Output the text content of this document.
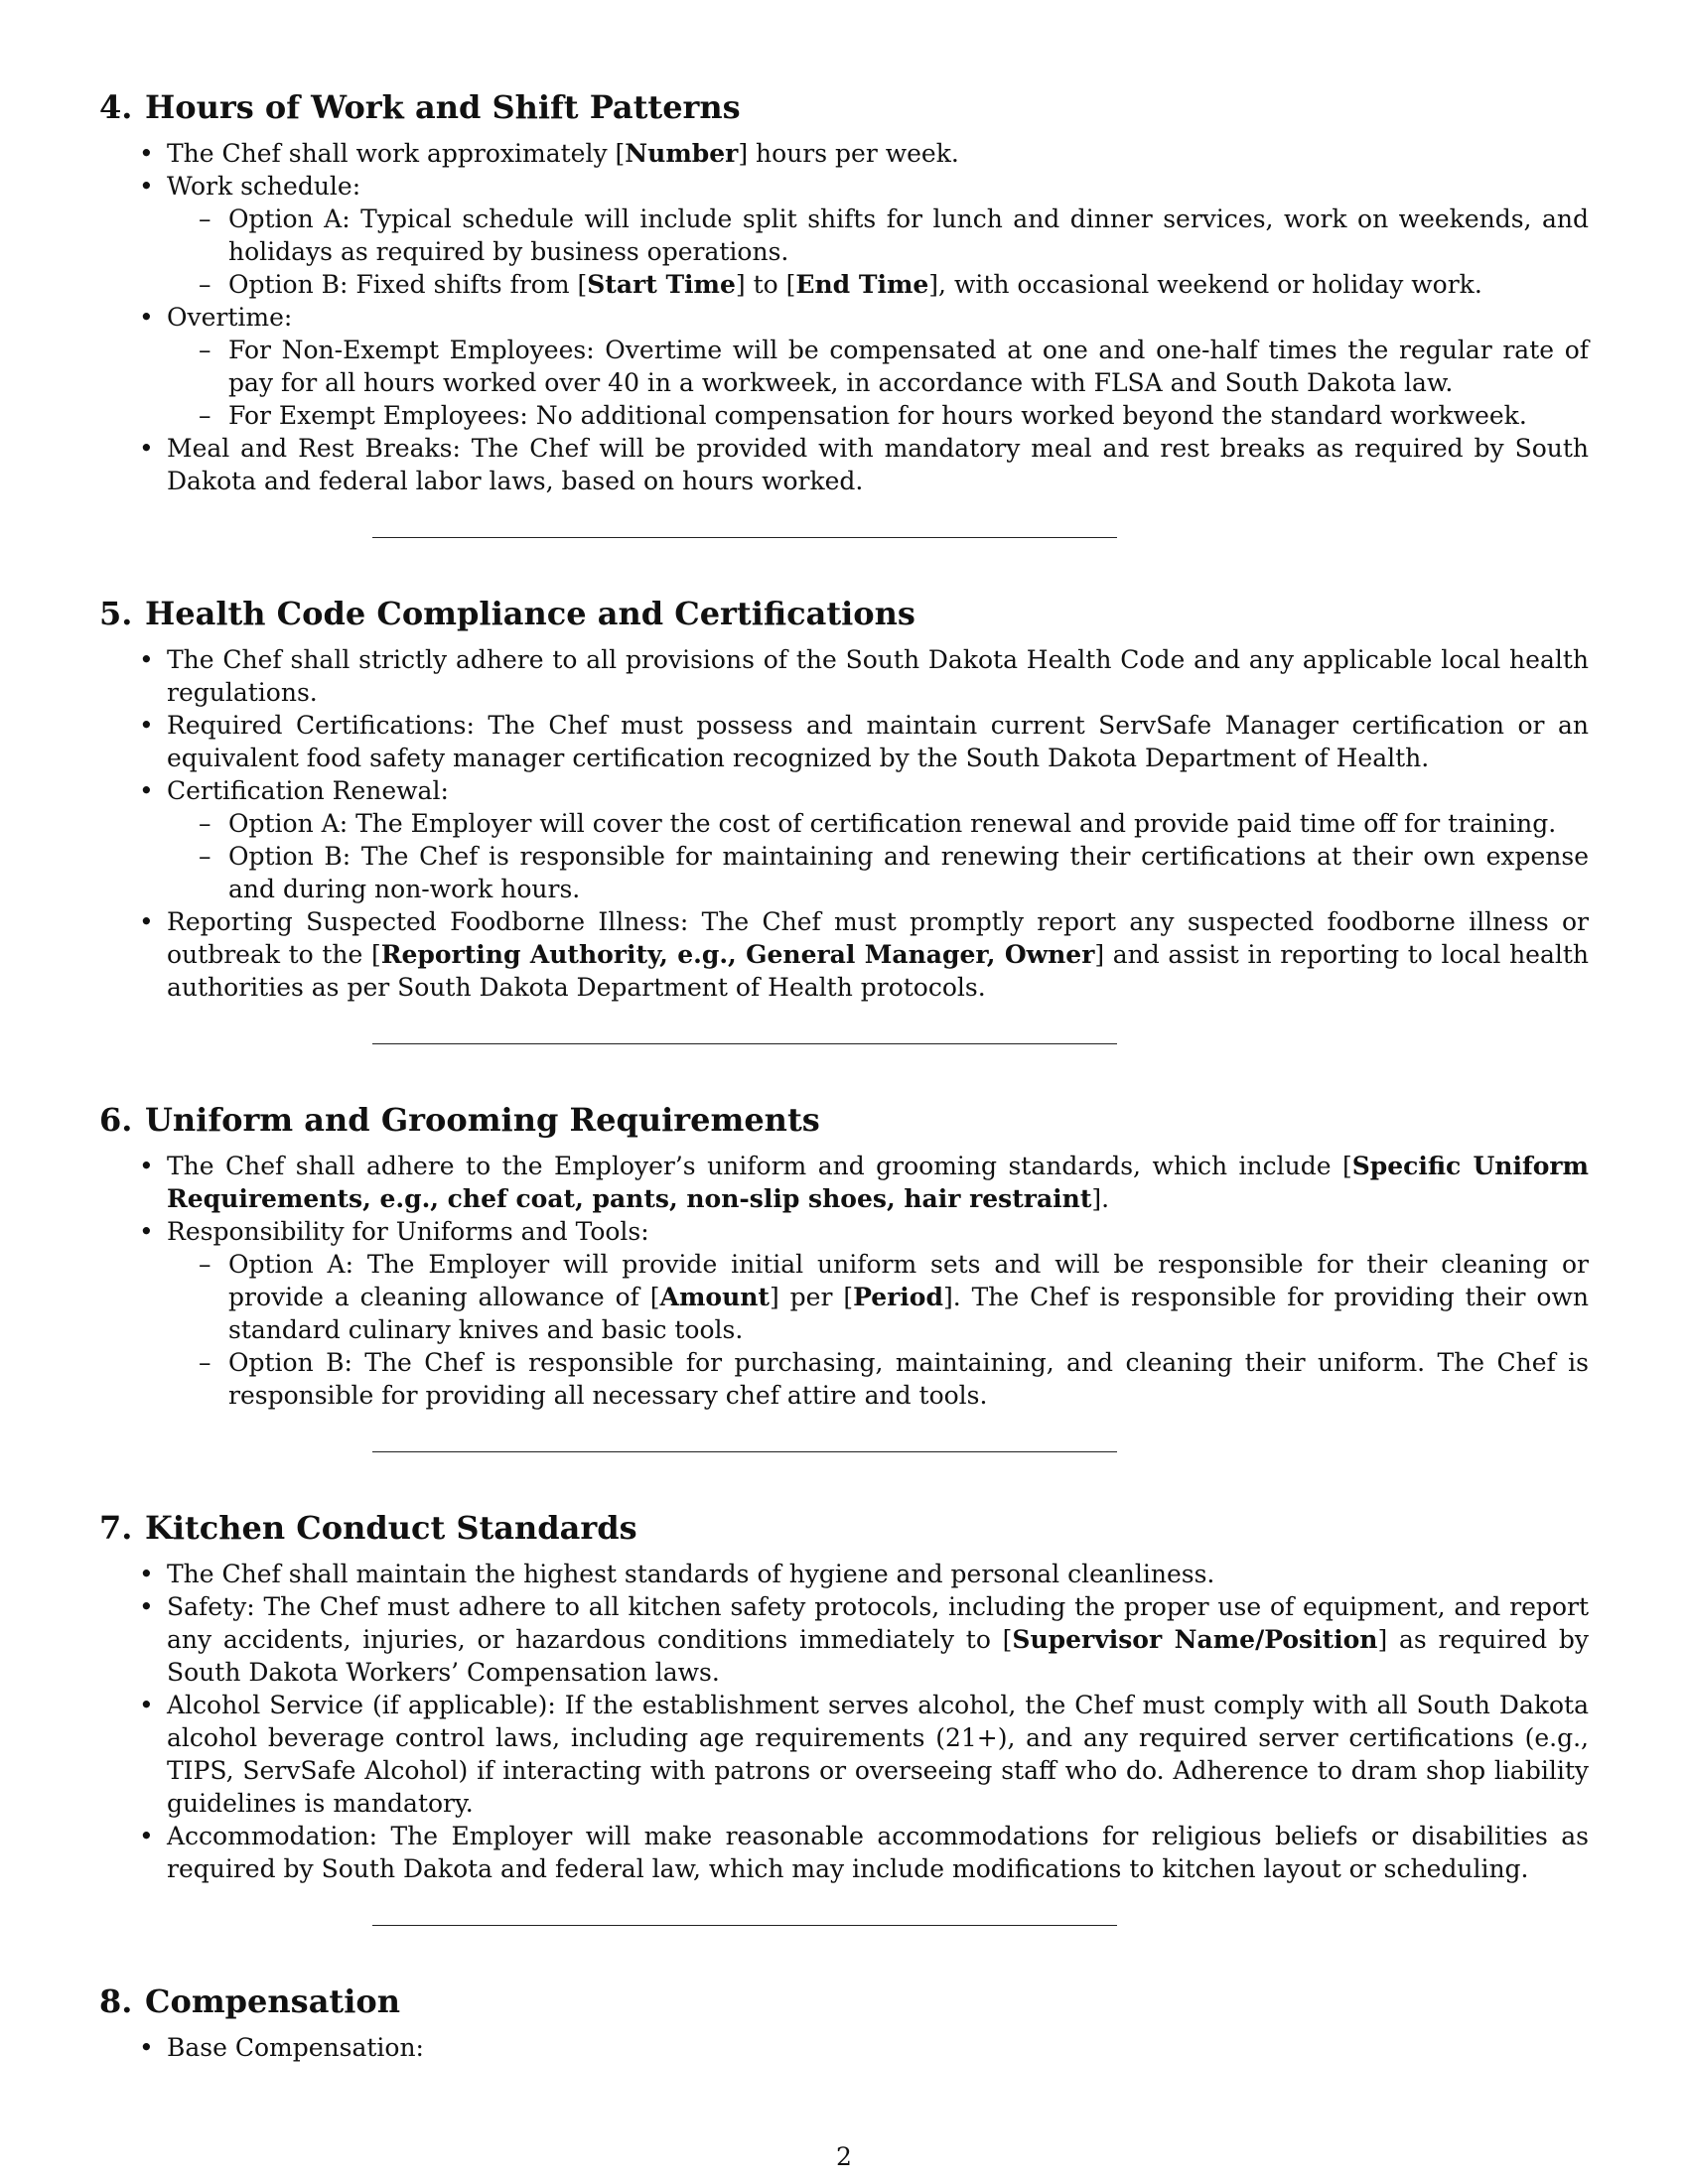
4. Hours of Work and Shift Patterns
• The Chef shall work approximately [Number] hours per week.
• Work schedule:
– Option A: Typical schedule will include split shifts for lunch and dinner services, work on weekends, and holidays as required by business operations.
– Option B: Fixed shifts from [Start Time] to [End Time], with occasional weekend or holiday work.
• Overtime:
– For Non-Exempt Employees: Overtime will be compensated at one and one-half times the regular rate of pay for all hours worked over 40 in a workweek, in accordance with FLSA and South Dakota law.
– For Exempt Employees: No additional compensation for hours worked beyond the standard workweek.
• Meal and Rest Breaks: The Chef will be provided with mandatory meal and rest breaks as required by South Dakota and federal labor laws, based on hours worked.
5. Health Code Compliance and Certifications
• The Chef shall strictly adhere to all provisions of the South Dakota Health Code and any applicable local health regulations.
• Required Certifications: The Chef must possess and maintain current ServSafe Manager certification or an equivalent food safety manager certification recognized by the South Dakota Department of Health.
• Certification Renewal:
– Option A: The Employer will cover the cost of certification renewal and provide paid time off for training.
– Option B: The Chef is responsible for maintaining and renewing their certifications at their own expense and during non-work hours.
• Reporting Suspected Foodborne Illness: The Chef must promptly report any suspected foodborne illness or outbreak to the [Reporting Authority, e.g., General Manager, Owner] and assist in reporting to local health authorities as per South Dakota Department of Health protocols.
6. Uniform and Grooming Requirements
• The Chef shall adhere to the Employer’s uniform and grooming standards, which include [Specific Uniform Requirements, e.g., chef coat, pants, non-slip shoes, hair restraint].
• Responsibility for Uniforms and Tools:
– Option A: The Employer will provide initial uniform sets and will be responsible for their cleaning or provide a cleaning allowance of [Amount] per [Period]. The Chef is responsible for providing their own standard culinary knives and basic tools.
– Option B: The Chef is responsible for purchasing, maintaining, and cleaning their uniform. The Chef is responsible for providing all necessary chef attire and tools.
7. Kitchen Conduct Standards
• The Chef shall maintain the highest standards of hygiene and personal cleanliness.
• Safety: The Chef must adhere to all kitchen safety protocols, including the proper use of equipment, and report any accidents, injuries, or hazardous conditions immediately to [Supervisor Name/Position] as required by South Dakota Workers’ Compensation laws.
• Alcohol Service (if applicable): If the establishment serves alcohol, the Chef must comply with all South Dakota alcohol beverage control laws, including age requirements (21+), and any required server certifications (e.g., TIPS, ServSafe Alcohol) if interacting with patrons or overseeing staff who do. Adherence to dram shop liability guidelines is mandatory.
• Accommodation: The Employer will make reasonable accommodations for religious beliefs or disabilities as required by South Dakota and federal law, which may include modifications to kitchen layout or scheduling.
8. Compensation
• Base Compensation:
2
